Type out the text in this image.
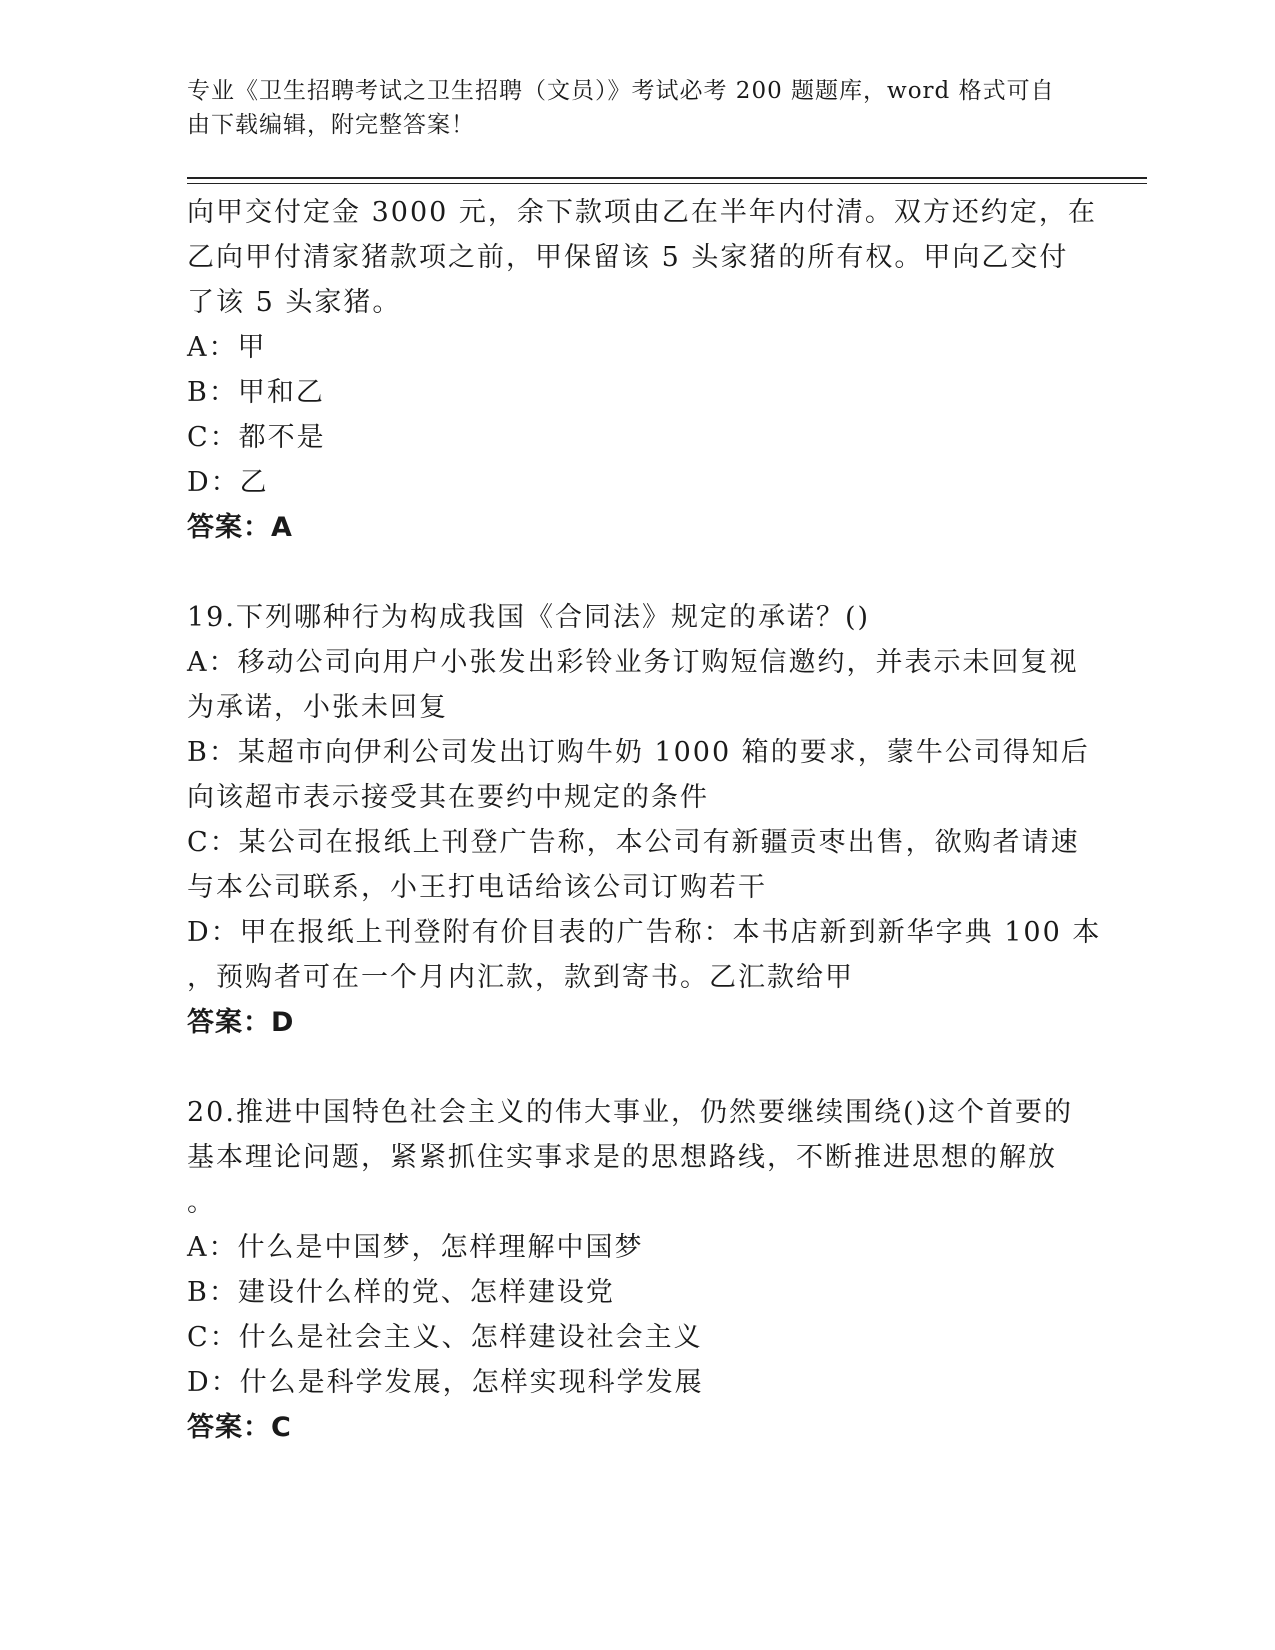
专业《卫生招聘考试之卫生招聘（文员）》考试必考 200 题题库，word 格式可自
由下载编辑，附完整答案！
向甲交付定金 3000 元，余下款项由乙在半年内付清。双方还约定，在
乙向甲付清家猪款项之前，甲保留该 5 头家猪的所有权。甲向乙交付
了该 5 头家猪。
A：甲
B：甲和乙
C：都不是
D：乙
答案：A
19.下列哪种行为构成我国《合同法》规定的承诺？()
A：移动公司向用户小张发出彩铃业务订购短信邀约，并表示未回复视
为承诺，小张未回复
B：某超市向伊利公司发出订购牛奶 1000 箱的要求，蒙牛公司得知后
向该超市表示接受其在要约中规定的条件
C：某公司在报纸上刊登广告称，本公司有新疆贡枣出售，欲购者请速
与本公司联系，小王打电话给该公司订购若干
D：甲在报纸上刊登附有价目表的广告称：本书店新到新华字典 100 本
，预购者可在一个月内汇款，款到寄书。乙汇款给甲
答案：D
20.推进中国特色社会主义的伟大事业，仍然要继续围绕()这个首要的
基本理论问题，紧紧抓住实事求是的思想路线，不断推进思想的解放
。
A：什么是中国梦，怎样理解中国梦
B：建设什么样的党、怎样建设党
C：什么是社会主义、怎样建设社会主义
D：什么是科学发展，怎样实现科学发展
答案：C
